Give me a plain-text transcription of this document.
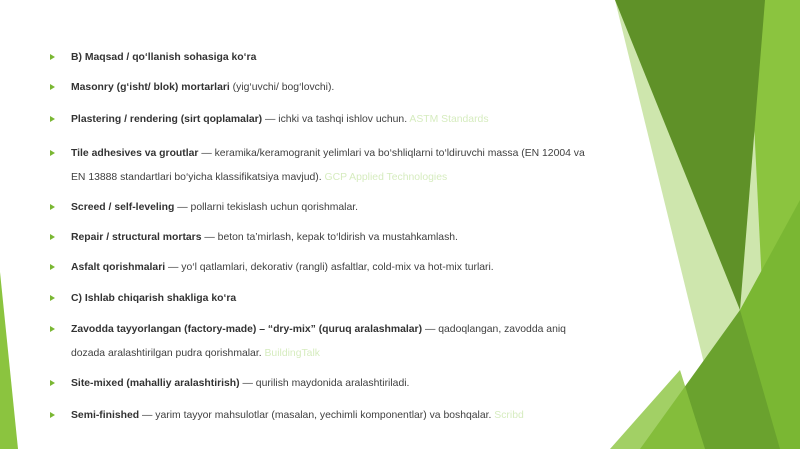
B) Maqsad / qo‘llanish sohasiga ko‘ra
Masonry (g‘isht/ blok) mortarlari (yig‘uvchi/ bog‘lovchi).
Plastering / rendering (sirt qoplamalar) — ichki va tashqi ishlov uchun. ASTM Standards
Tile adhesives va groutlar — keramika/keramogranit yelimlari va bo‘shliqlarni to‘ldiruvchi massa (EN 12004 va EN 13888 standartlari bo‘yicha klassifikatsiya mavjud). GCP Applied Technologies
Screed / self-leveling — pollarni tekislash uchun qorishmalar.
Repair / structural mortars — beton ta’mirlash, kepak to‘ldirish va mustahkamlash.
Asfalt qorishmalari — yo‘l qatlamlari, dekorativ (rangli) asfaltlar, cold-mix va hot-mix turlari.
C) Ishlab chiqarish shakliga ko‘ra
Zavodda tayyorlangan (factory-made) – “dry-mix” (quruq aralashmalar) — qadoqlangan, zavodda aniq dozada aralashtirilgan pudra qorishmalar. BuildingTalk
Site-mixed (mahalliy aralashtirish) — qurilish maydonida aralashtiriladi.
Semi-finished — yarim tayyor mahsulotlar (masalan, yechimli komponentlar) va boshqalar. Scribd
